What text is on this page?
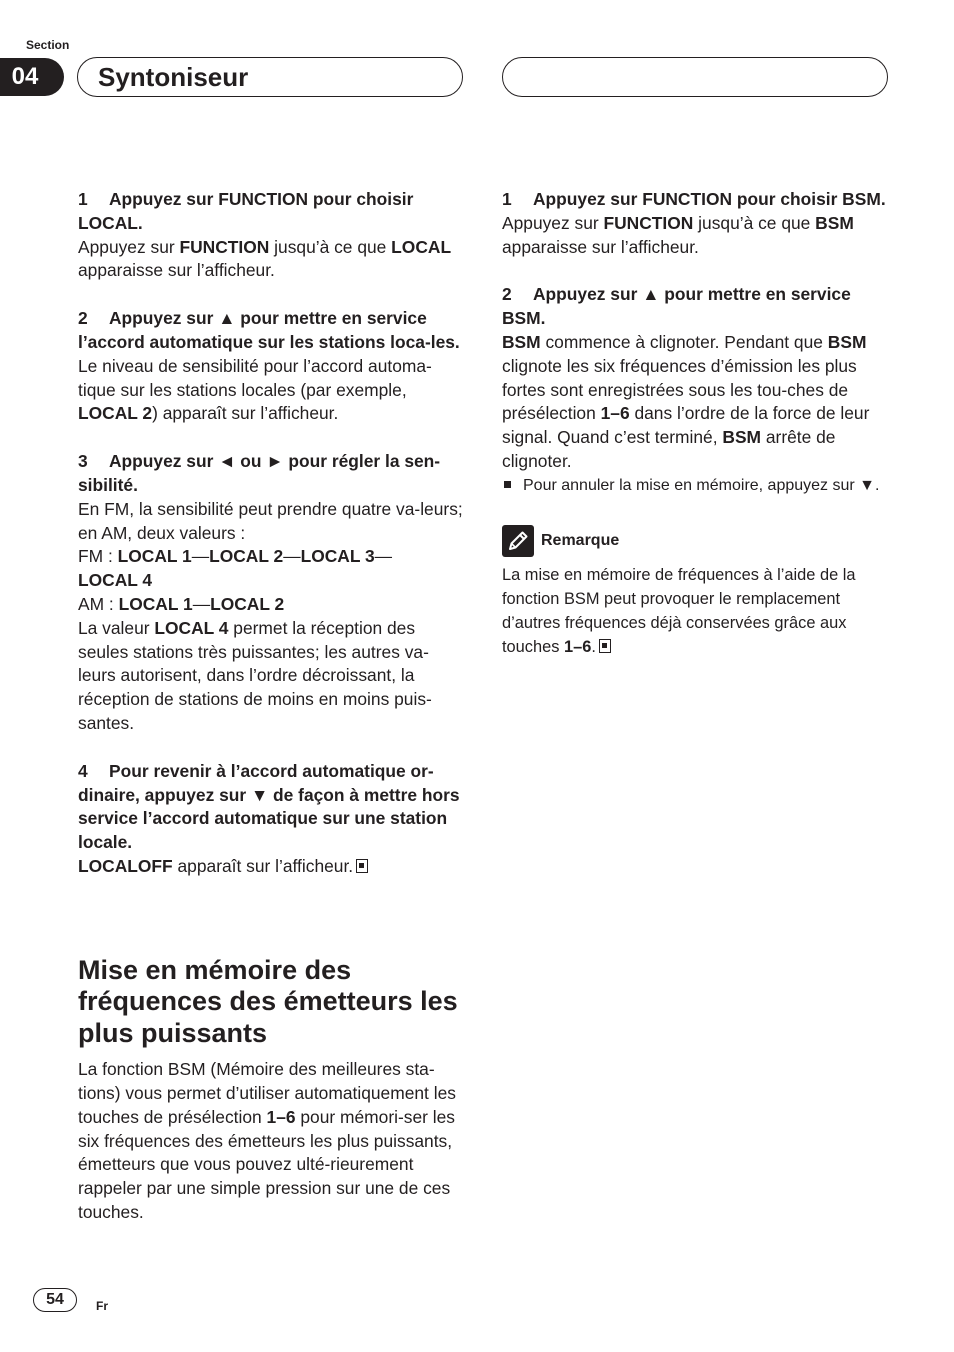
Section
04	Syntoniseur

1 Appuyez sur FUNCTION pour choisir LOCAL.

Appuyez sur FUNCTION jusqu’à ce que LOCAL apparaisse sur l’afficheur.

2 Appuyez sur ▲ pour mettre en service l’accord automatique sur les stations loca-les.

Le niveau de sensibilité pour l’accord automa-tique sur les stations locales (par exemple, LOCAL 2) apparaît sur l’afficheur.

3 Appuyez sur ◄ ou ► pour régler la sen-sibilité.

En FM, la sensibilité peut prendre quatre va-leurs; en AM, deux valeurs :

FM : LOCAL 1—LOCAL 2—LOCAL 3—
LOCAL 4

AM : LOCAL 1—LOCAL 2

La valeur LOCAL 4 permet la réception des seules stations très puissantes; les autres va-leurs autorisent, dans l’ordre décroissant, la réception de stations de moins en moins puis-santes.

4 Pour revenir à l’accord automatique or-dinaire, appuyez sur ▼ de façon à mettre hors service l’accord automatique sur une station locale.

LOCALOFF apparaît sur l’afficheur.

Mise en mémoire des fréquences des émetteurs les plus puissants

La fonction BSM (Mémoire des meilleures sta-tions) vous permet d’utiliser automatiquement les touches de présélection 1–6 pour mémori-ser les six fréquences des émetteurs les plus puissants, émetteurs que vous pouvez ulté-rieurement rappeler par une simple pression sur une de ces touches.

1 Appuyez sur FUNCTION pour choisir BSM.

Appuyez sur FUNCTION jusqu’à ce que BSM apparaisse sur l’afficheur.

2 Appuyez sur ▲ pour mettre en service BSM.

BSM commence à clignoter. Pendant que BSM clignote les six fréquences d’émission les plus fortes sont enregistrées sous les tou-ches de présélection 1–6 dans l’ordre de la force de leur signal. Quand c’est terminé, BSM arrête de clignoter.

Pour annuler la mise en mémoire, appuyez sur ▼.

Remarque

La mise en mémoire de fréquences à l’aide de la fonction BSM peut provoquer le remplacement d’autres fréquences déjà conservées grâce aux touches 1–6.

54	Fr
